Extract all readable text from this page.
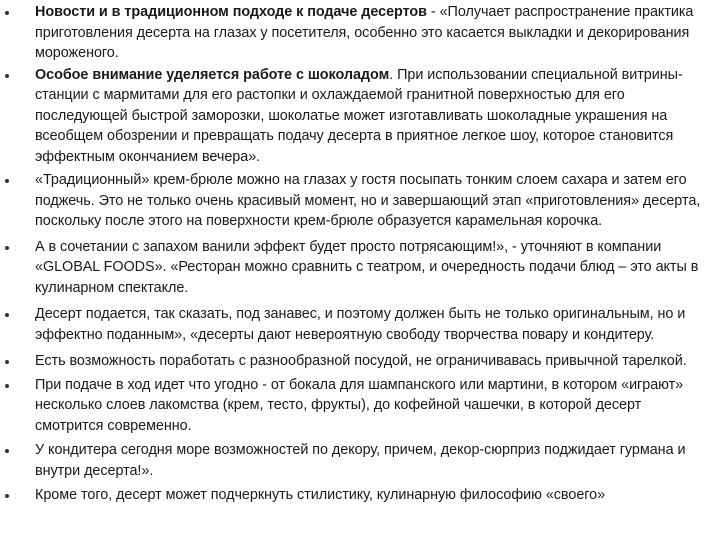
Новости и в традиционном подходе к подаче десертов - «Получает распространение практика приготовления десерта на глазах у посетителя, особенно это касается выкладки и декорирования мороженого.
Особое внимание уделяется работе с шоколадом. При использовании специальной витрины-станции с мармитами для его растопки и охлаждаемой гранитной поверхностью для его последующей быстрой заморозки, шоколатье может изготавливать шоколадные украшения на всеобщем обозрении и превращать подачу десерта в приятное легкое шоу, которое становится эффектным окончанием вечера».
«Традиционный» крем-брюле можно на глазах у гостя посыпать тонким слоем сахара и затем его поджечь. Это не только очень красивый момент, но и завершающий этап «приготовления» десерта, поскольку после этого на поверхности крем-брюле образуется карамельная корочка.
А в сочетании с запахом ванили эффект будет просто потрясающим!», - уточняют в компании «GLOBAL FOODS». «Ресторан можно сравнить с театром, и очередность подачи блюд – это акты в кулинарном спектакле.
Десерт подается, так сказать, под занавес, и поэтому должен быть не только оригинальным, но и эффектно поданным», «десерты дают невероятную свободу творчества повару и кондитеру.
Есть возможность поработать с разнообразной посудой, не ограничивавась привычной тарелкой.
При подаче в ход идет что угодно - от бокала для шампанского или мартини, в котором «играют» несколько слоев лакомства (крем, тесто, фрукты), до кофейной чашечки, в которой десерт смотрится современно.
У кондитера сегодня море возможностей по декору, причем, декор-сюрприз поджидает гурмана и внутри десерта!».
Кроме того, десерт может подчеркнуть стилистику, кулинарную философию «своего»
